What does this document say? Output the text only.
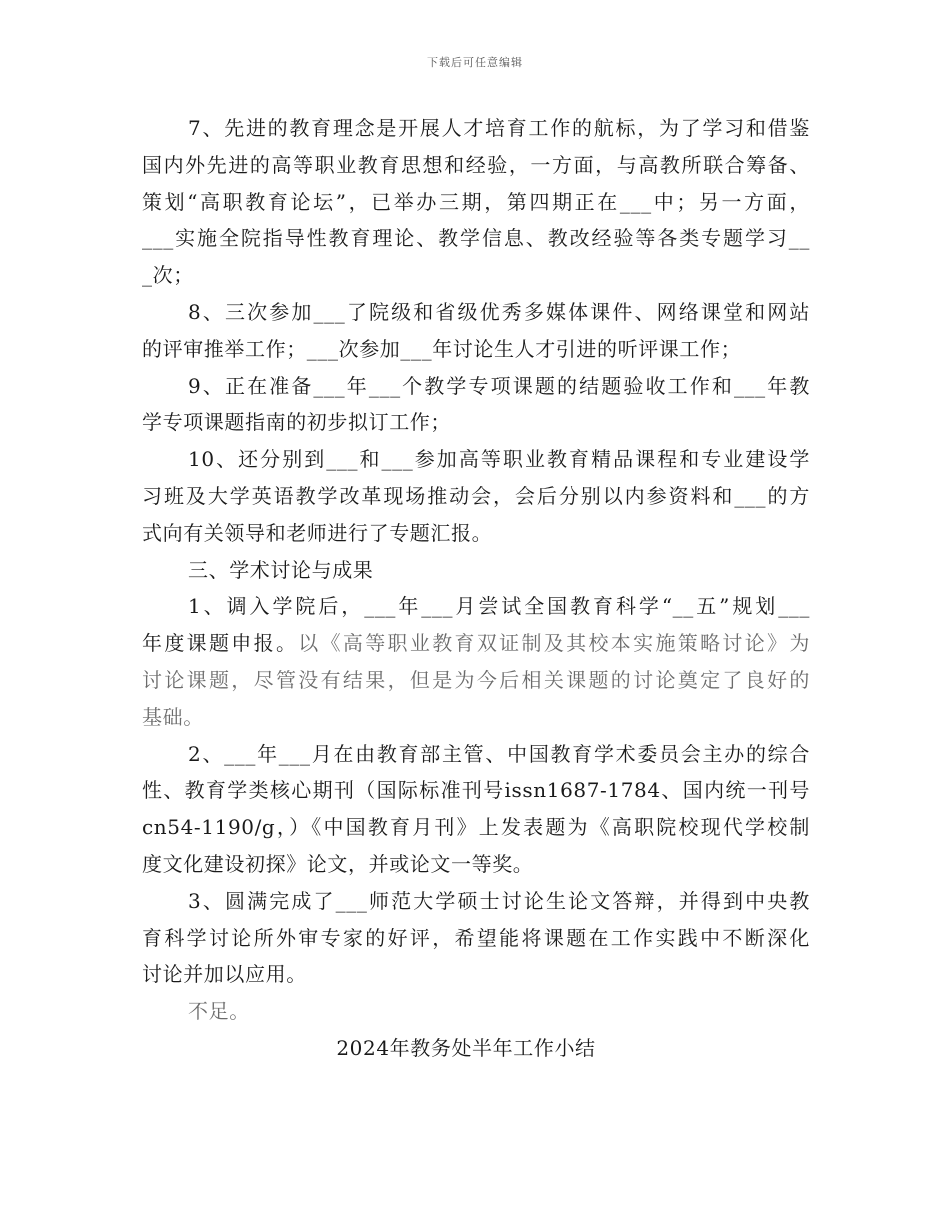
下载后可任意编辑
7、先进的教育理念是开展人才培育工作的航标，为了学习和借鉴
国内外先进的高等职业教育思想和经验，一方面，与高教所联合筹备、
策划“高职教育论坛”，已举办三期，第四期正在___中；另一方面，
___实施全院指导性教育理论、教学信息、教改经验等各类专题学习__
_次；
8、三次参加___了院级和省级优秀多媒体课件、网络课堂和网站
的评审推举工作；___次参加___年讨论生人才引进的听评课工作；
9、正在准备___年___个教学专项课题的结题验收工作和___年教
学专项课题指南的初步拟订工作；
10、还分别到___和___参加高等职业教育精品课程和专业建设学
习班及大学英语教学改革现场推动会，会后分别以内参资料和___的方
式向有关领导和老师进行了专题汇报。
三、学术讨论与成果
1、调入学院后，___年___月尝试全国教育科学“__五”规划___
年度课题申报。以《高等职业教育双证制及其校本实施策略讨论》为
讨论课题，尽管没有结果，但是为今后相关课题的讨论奠定了良好的
基础。
2、___年___月在由教育部主管、中国教育学术委员会主办的综合
性、教育学类核心期刊（国际标准刊号issn1687-1784、国内统一刊号
cn54-1190/g，）《中国教育月刊》上发表题为《高职院校现代学校制
度文化建设初探》论文，并或论文一等奖。
3、圆满完成了___师范大学硕士讨论生论文答辩，并得到中央教
育科学讨论所外审专家的好评，希望能将课题在工作实践中不断深化
讨论并加以应用。
不足。
2024年教务处半年工作小结
